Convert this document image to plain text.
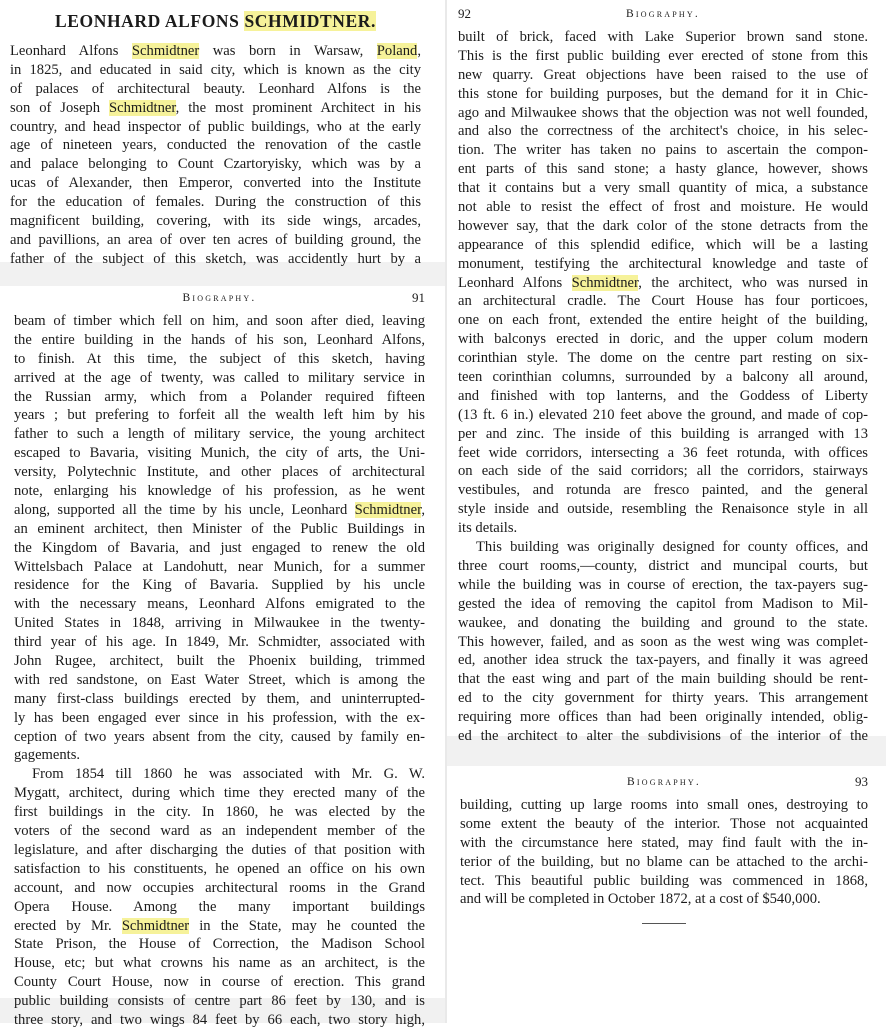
LEONHARD ALFONS SCHMIDTNER.
Leonhard Alfons Schmidtner was born in Warsaw, Poland,
in 1825, and educated in said city, which is known as the city
of palaces of architectural beauty. Leonhard Alfons is the
son of Joseph Schmidtner, the most prominent Architect in his
country, and head inspector of public buildings, who at the early
age of nineteen years, conducted the renovation of the castle
and palace belonging to Count Czartoryisky, which was by a
ucas of Alexander, then Emperor, converted into the Institute
for the education of females. During the construction of this
magnificent building, covering, with its side wings, arcades,
and pavillions, an area of over ten acres of building ground, the
father of the subject of this sketch, was accidently hurt by a
Biography.	91
beam of timber which fell on him, and soon after died, leaving
the entire building in the hands of his son, Leonhard Alfons,
to finish. At this time, the subject of this sketch, having
arrived at the age of twenty, was called to military service in
the Russian army, which from a Polander required fifteen
years ; but prefering to forfeit all the wealth left him by his
father to such a length of military service, the young architect
escaped to Bavaria, visiting Munich, the city of arts, the Uni-
versity, Polytechnic Institute, and other places of architectural
note, enlarging his knowledge of his profession, as he went
along, supported all the time by his uncle, Leonhard Schmidtner,
an eminent architect, then Minister of the Public Buildings in
the Kingdom of Bavaria, and just engaged to renew the old
Wittelsbach Palace at Landohutt, near Munich, for a summer
residence for the King of Bavaria. Supplied by his uncle
with the necessary means, Leonhard Alfons emigrated to the
United States in 1848, arriving in Milwaukee in the twenty-
third year of his age. In 1849, Mr. Schmidter, associated with
John Rugee, architect, built the Phoenix building, trimmed
with red sandstone, on East Water Street, which is among the
many first-class buildings erected by them, and uninterrupted-
ly has been engaged ever since in his profession, with the ex-
ception of two years absent from the city, caused by family en-
gagements.
From 1854 till 1860 he was associated with Mr. G. W.
Mygatt, architect, during which time they erected many of the
first buildings in the city. In 1860, he was elected by the
voters of the second ward as an independent member of the
legislature, and after discharging the duties of that position with
satisfaction to his constituents, he opened an office on his own
account, and now occupies architectural rooms in the Grand
Opera House. Among the many important buildings
erected by Mr. Schmidtner in the State, may he counted the
State Prison, the House of Correction, the Madison School
House, etc; but what crowns his name as an architect, is the
County Court House, now in course of erection. This grand
public building consists of centre part 86 feet by 130, and is
three story, and two wings 84 feet by 66 each, two story high,
92	Biography.
built of brick, faced with Lake Superior brown sand stone.
This is the first public building ever erected of stone from this
new quarry. Great objections have been raised to the use of
this stone for building purposes, but the demand for it in Chic-
ago and Milwaukee shows that the objection was not well founded,
and also the correctness of the architect's choice, in his selec-
tion. The writer has taken no pains to ascertain the compon-
ent parts of this sand stone; a hasty glance, however, shows
that it contains but a very small quantity of mica, a substance
not able to resist the effect of frost and moisture. He would
however say, that the dark color of the stone detracts from the
appearance of this splendid edifice, which will be a lasting
monument, testifying the architectural knowledge and taste of
Leonhard Alfons Schmidtner, the architect, who was nursed in
an architectural cradle. The Court House has four porticoes,
one on each front, extended the entire height of the building,
with balconys erected in doric, and the upper colum modern
corinthian style. The dome on the centre part resting on six-
teen corinthian columns, surrounded by a balcony all around,
and finished with top lanterns, and the Goddess of Liberty
(13 ft. 6 in.) elevated 210 feet above the ground, and made of cop-
per and zinc. The inside of this building is arranged with 13
feet wide corridors, intersecting a 36 feet rotunda, with offices
on each side of the said corridors; all the corridors, stairways
vestibules, and rotunda are fresco painted, and the general
style inside and outside, resembling the Renaisonce style in all
its details.
This building was originally designed for county offices, and
three court rooms,—county, district and muncipal courts, but
while the building was in course of erection, the tax-payers sug-
gested the idea of removing the capitol from Madison to Mil-
waukee, and donating the building and ground to the state.
This however, failed, and as soon as the west wing was complet-
ed, another idea struck the tax-payers, and finally it was agreed
that the east wing and part of the main building should be rent-
ed to the city government for thirty years. This arrangement
requiring more offices than had been originally intended, oblig-
ed the architect to alter the subdivisions of the interior of the
Biography.	93
building, cutting up large rooms into small ones, destroying to
some extent the beauty of the interior. Those not acquainted
with the circumstance here stated, may find fault with the in-
terior of the building, but no blame can be attached to the archi-
tect. This beautiful public building was commenced in 1868,
and will be completed in October 1872, at a cost of $540,000.
